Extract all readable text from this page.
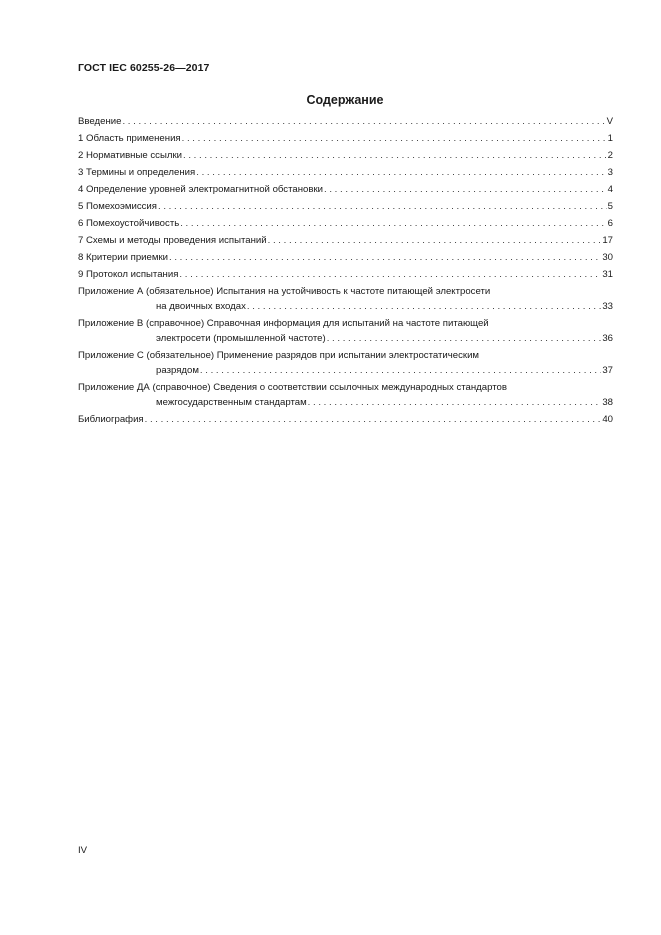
ГОСТ IEC 60255-26—2017
Содержание
Введение . . .	V
1 Область применения . . .	1
2 Нормативные ссылки . . .	2
3 Термины и определения . . .	3
4 Определение уровней электромагнитной обстановки . . .	4
5 Помехоэмиссия . . .	5
6 Помехоустойчивость . . .	6
7 Схемы и методы проведения испытаний . . .	17
8 Критерии приемки . . .	30
9 Протокол испытания . . .	31
Приложение А (обязательное) Испытания на устойчивость к частоте питающей электросети
на двоичных входах . . .	33
Приложение В (справочное) Справочная информация для испытаний на частоте питающей
электросети (промышленной частоте) . . .	36
Приложение С (обязательное) Применение разрядов при испытании электростатическим
разрядом . . .	37
Приложение ДА (справочное) Сведения о соответствии ссылочных международных стандартов
межгосударственным стандартам . . .	38
Библиография . . .	40
IV
